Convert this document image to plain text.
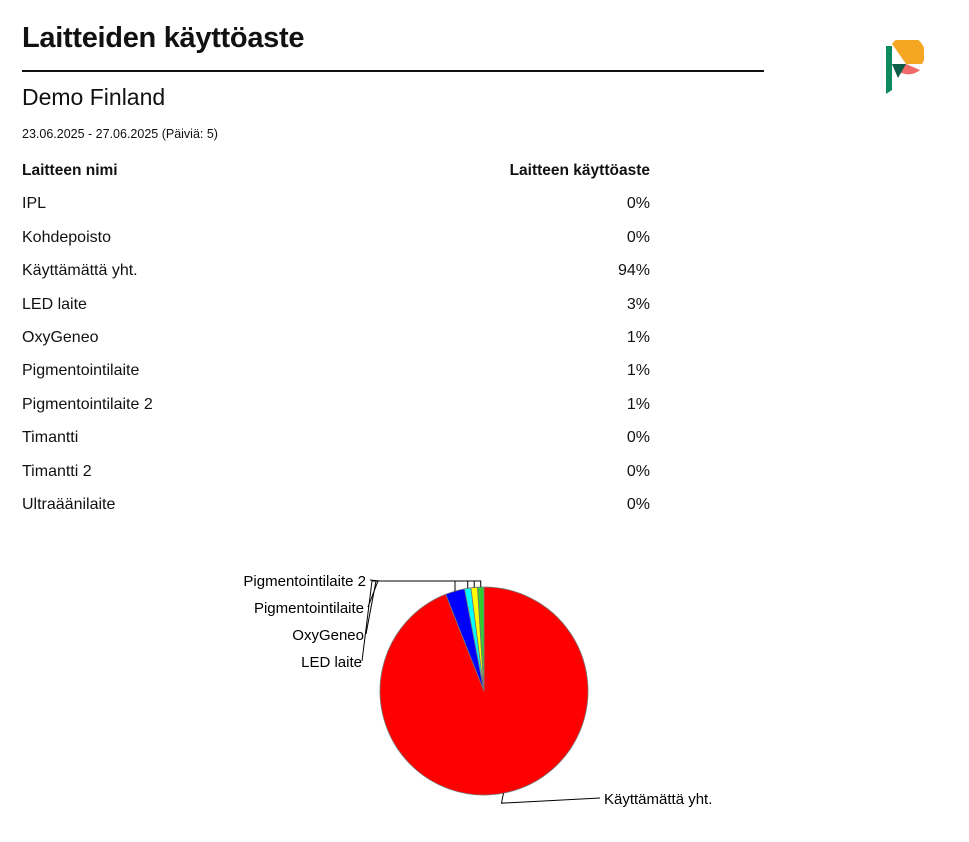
Laitteiden käyttöaste
Demo Finland
23.06.2025 - 27.06.2025 (Päiviä: 5)
Laitteen nimi	Laitteen käyttöaste
IPL	0%
Kohdepoisto	0%
Käyttämättä yht.	94%
LED laite	3%
OxyGeneo	1%
Pigmentointilaite	1%
Pigmentointilaite 2	1%
Timantti	0%
Timantti 2	0%
Ultraäänilaite	0%
Käyttämättä yht.
LED laite
OxyGeneo
Pigmentointilaite
Pigmentointilaite 2
